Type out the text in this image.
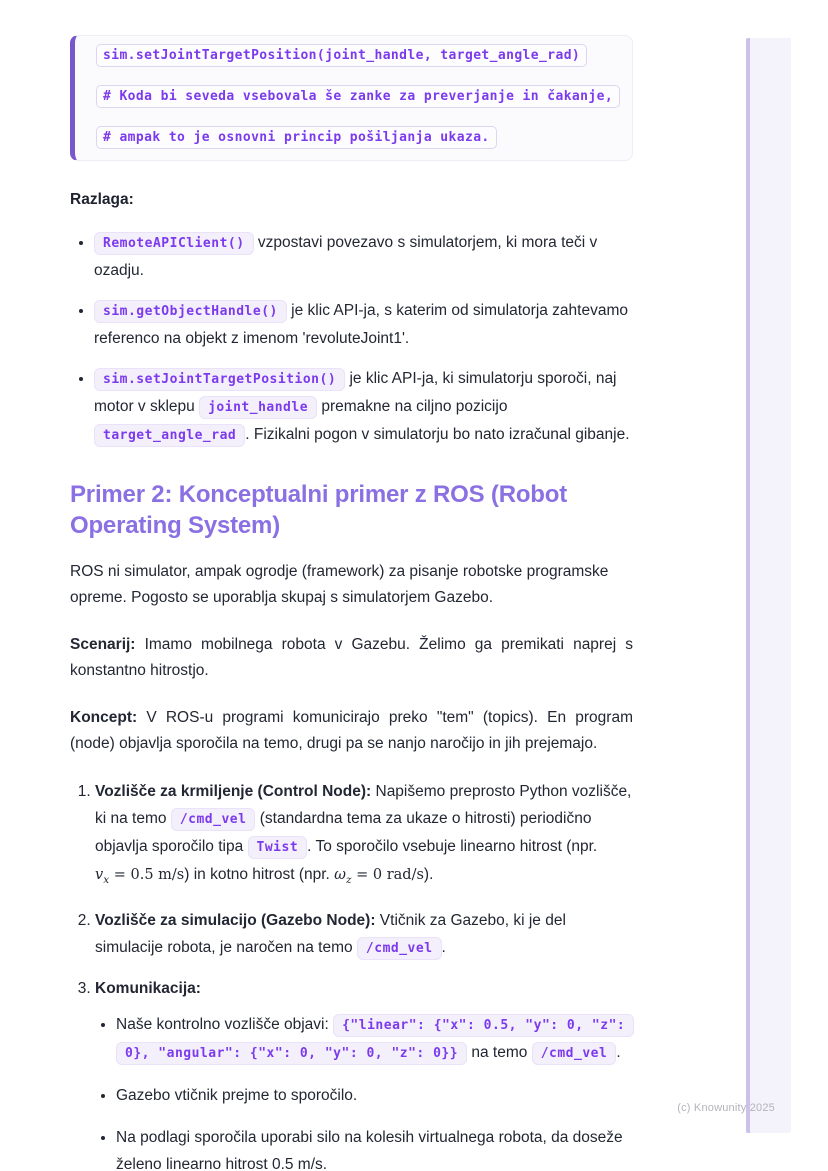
sim.setJointTargetPosition(joint_handle, target_angle_rad)
# Koda bi seveda vsebovala še zanke za preverjanje in čakanje,
# ampak to je osnovni princip pošiljanja ukaza.

Razlaga:

• RemoteAPIClient() vzpostavi povezavo s simulatorjem, ki mora teči v ozadju.
• sim.getObjectHandle() je klic API-ja, s katerim od simulatorja zahtevamo referenco na objekt z imenom 'revoluteJoint1'.
• sim.setJointTargetPosition() je klic API-ja, ki simulatorju sporoči, naj motor v sklepu joint_handle premakne na ciljno pozicijo target_angle_rad . Fizikalni pogon v simulatorju bo nato izračunal gibanje.
Primer 2: Konceptualni primer z ROS (Robot Operating System)

ROS ni simulator, ampak ogrodje (framework) za pisanje robotske programske opreme. Pogosto se uporablja skupaj s simulatorjem Gazebo.

Scenarij: Imamo mobilnega robota v Gazebu. Želimo ga premikati naprej s konstantno hitrostjo.

Koncept: V ROS-u programi komunicirajo preko "tem" (topics). En program (node) objavlja sporočila na temo, drugi pa se nanjo naročijo in jih prejemajo.

1. Vozlišče za krmiljenje (Control Node): Napišemo preprosto Python vozlišče, ki na temo /cmd_vel (standardna tema za ukaze o hitrosti) periodično objavlja sporočilo tipa Twist . To sporočilo vsebuje linearno hitrost (npr. $v_x = 0.5$ m/s) in kotno hitrost (npr. $\omega_z = 0$ rad/s).
2. Vozlišče za simulacijo (Gazebo Node): Vtičnik za Gazebo, ki je del simulacije robota, je naročen na temo /cmd_vel .
3. Komunikacija:
• Naše kontrolno vozlišče objavi: {"linear": {"x": 0.5, "y": 0, "z": 0}, "angular": {"x": 0, "y": 0, "z": 0}} na temo /cmd_vel .
• Gazebo vtičnik prejme to sporočilo.
• Na podlagi sporočila uporabi silo na kolesih virtualnega robota, da doseže želeno linearno hitrost 0.5 m/s.
(c) Knowunity 2025
